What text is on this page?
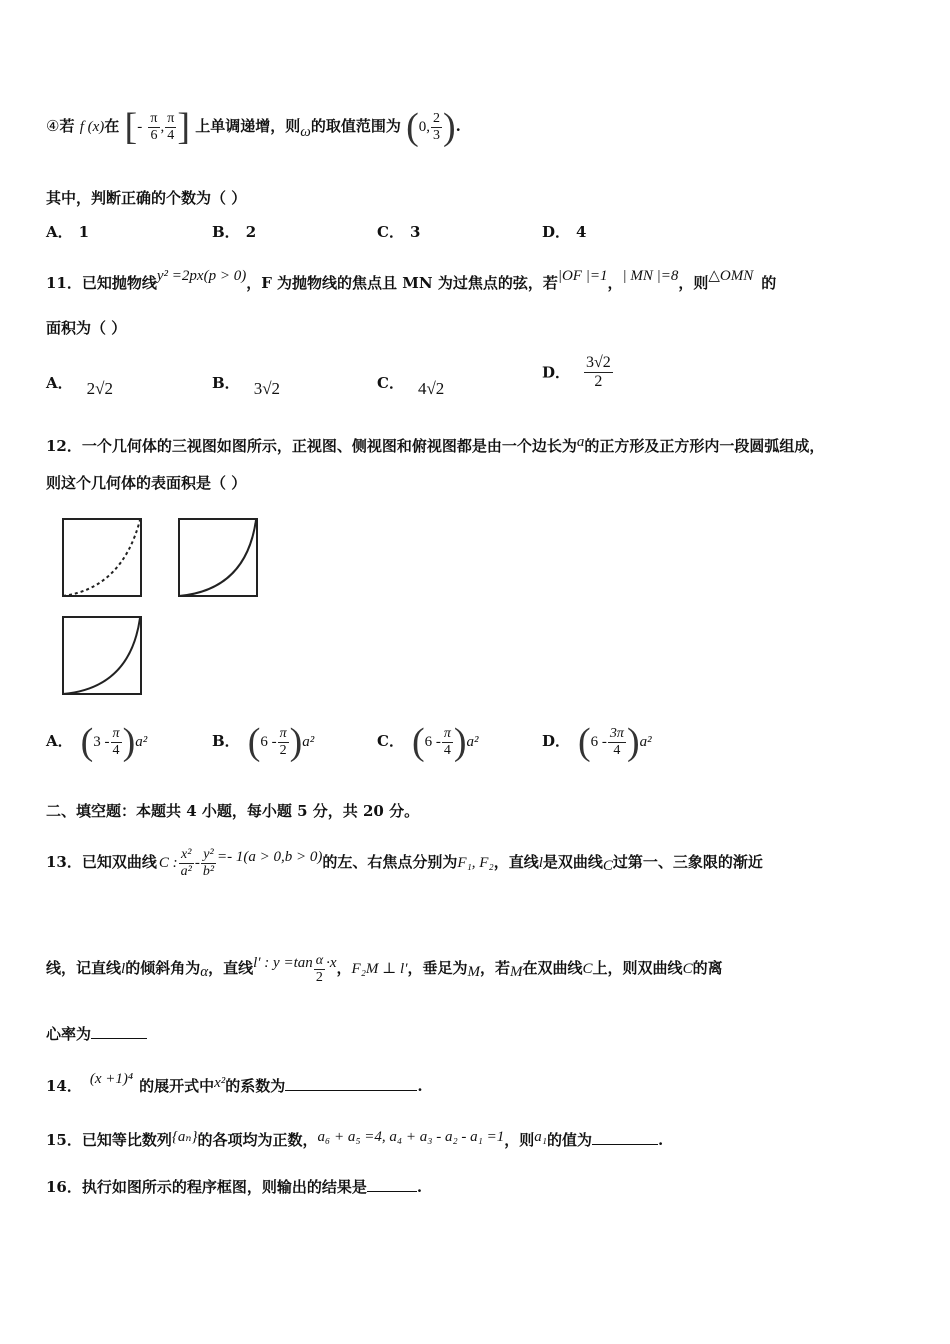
④若 f (x)在 [- $\frac{\pi}{6}$ , $\frac{\pi}{4}$ ] 上单调递增，则ω的取值范围为 (0, $\frac{2}{3}$ ).
其中，判断正确的个数为（ ）
A． 1	B． 2	C． 3	D． 4
11．已知抛物线y² =2px(p > 0)，F 为抛物线的焦点且 MN 为过焦点的弦，若|OF |=1，| MN |=8，则△OMN 的
面积为（ ）
A． 2√2	B． 3√2	C． 4√2
D． $\frac{3√2}{2}$
12．一个几何体的三视图如图所示，正视图、侧视图和俯视图都是由一个边长为a的正方形及正方形内一段圆弧组成，
则这个几何体的表面积是（ ）
A． $(3 - \frac{\pi}{4} )a^2$	B． $(6 - \frac{\pi}{2} )a^2$	C． $(6 - \frac{\pi}{4} )a^2$	D． $(6 - \frac{3\pi}{4} )a^2$
二、填空题：本题共 4 小题，每小题 5 分，共 20 分。
13．已知双曲线 C : $\frac{\text{x²}}{\text{a²}} - \frac{\text{y²}}{\text{b²}} =- 1(a > 0,b > 0)$的左、右焦点分别为F₁, F₂，直线l是双曲线C过第一、三象限的渐近
线，记直线l的倾斜角为α，直线l′ : $y =\tan \frac{\alpha}{2} \cdot x$，F₂M ⊥ l′，垂足为M，若M在双曲线C上，则双曲线C的离
心率为
14． (x +1)⁴ 的展开式中x²的系数为	.
15．已知等比数列{aₙ}的各项均为正数，a₆ + a₅ =4, a₄ + a₃ - a₂ - a₁ =1，则a₁的值为	.
16．执行如图所示的程序框图，则输出的结果是	.
